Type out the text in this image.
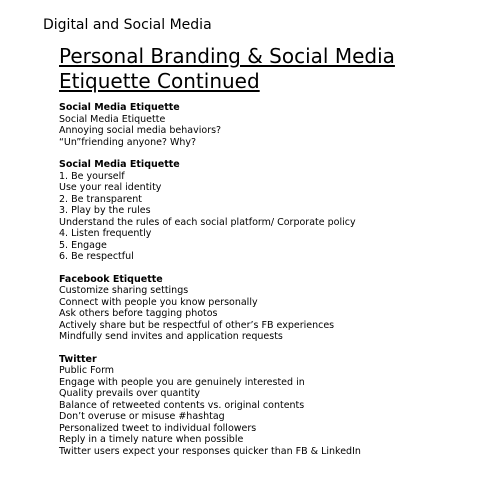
Digital and Social Media
Personal Branding & Social Media
Etiquette Continued
Social Media Etiquette
Social Media Etiquette
Annoying social media behaviors?
“Un”friending anyone? Why?
Social Media Etiquette
1. Be yourself
Use your real identity
2. Be transparent
3. Play by the rules
Understand the rules of each social platform/ Corporate policy
4. Listen frequently
5. Engage
6. Be respectful
Facebook Etiquette
Customize sharing settings
Connect with people you know personally
Ask others before tagging photos
Actively share but be respectful of other’s FB experiences
Mindfully send invites and application requests
Twitter
Public Form
Engage with people you are genuinely interested in
Quality prevails over quantity
Balance of retweeted contents vs. original contents
Don’t overuse or misuse #hashtag
Personalized tweet to individual followers
Reply in a timely nature when possible
Twitter users expect your responses quicker than FB & LinkedIn
